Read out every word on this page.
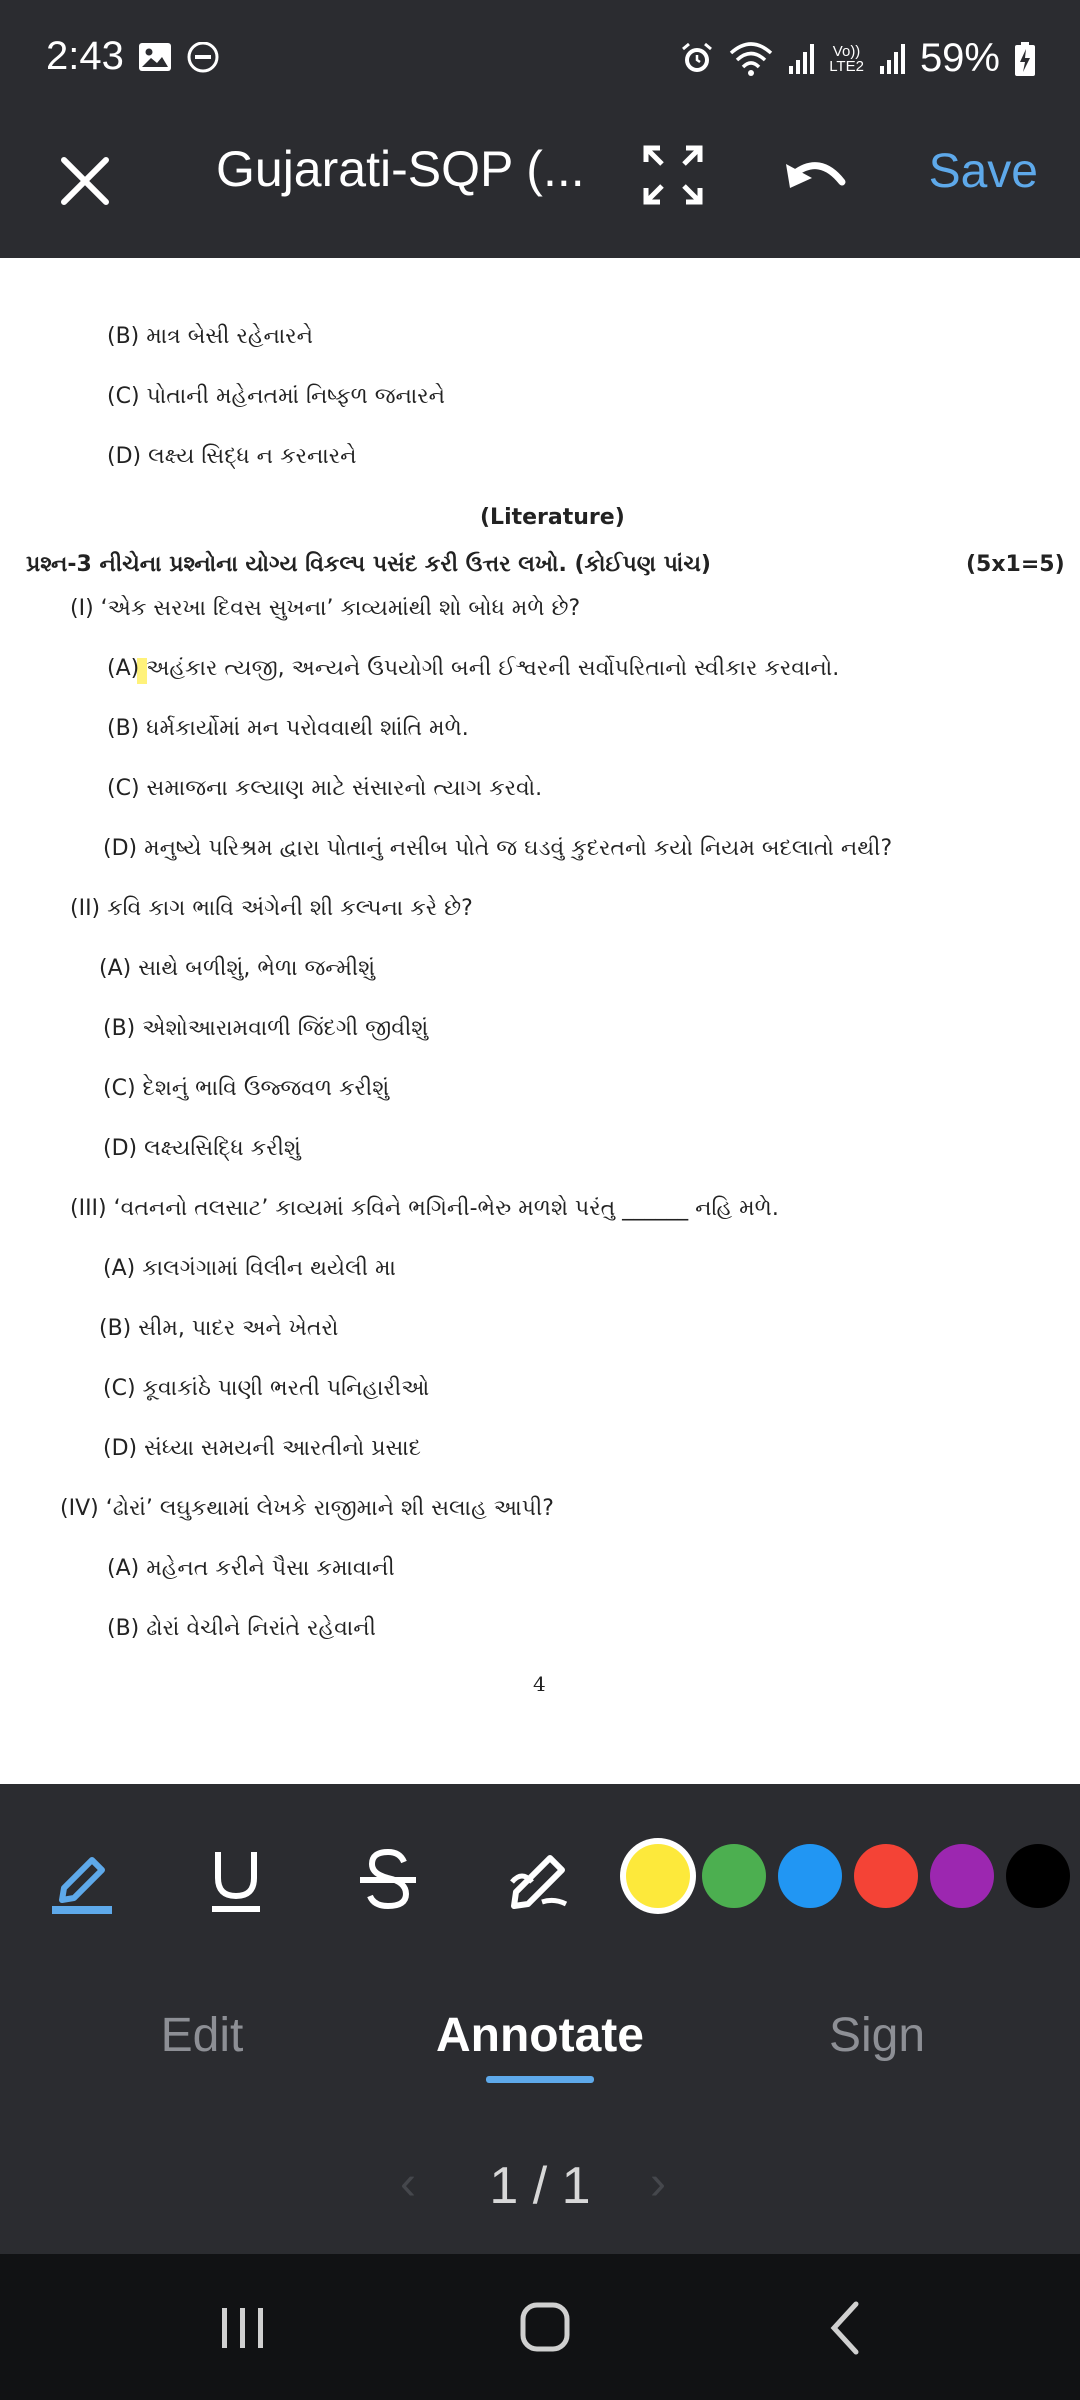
2:43	Vo))
LTE2 59%
Gujarati-SQP (...	Save
(B) માત્ર બેસી રહેનારને
(C) પોતાની મહેનતમાં નિષ્ફળ જનારને
(D) લક્ષ્ય સિદ્ધ ન કરનારને
(Literature)
પ્રશ્ન-3 નીચેના પ્રશ્નોના યોગ્ય વિકલ્પ પસંદ કરી ઉત્તર લખો. (કોઈપણ પાંચ)	(5x1=5)
(I) ‘એક સરખા દિવસ સુખના’ કાવ્યમાંથી શો બોધ મળે છે?
(A) અહંકાર ત્યજી, અન્યને ઉપયોગી બની ઈશ્વરની સર્વોપરિતાનો સ્વીકાર કરવાનો.
(B) ધર્મકાર્યોમાં મન પરોવવાથી શાંતિ મળે.
(C) સમાજના કલ્યાણ માટે સંસારનો ત્યાગ કરવો.
(D) મનુષ્યે પરિશ્રમ દ્વારા પોતાનું નસીબ પોતે જ ઘડવું કુદરતનો કયો નિયમ બદલાતો નથી?
(II) કવિ કાગ ભાવિ અંગેની શી કલ્પના કરે છે?
(A) સાથે બળીશું, ભેળા જન્મીશું
(B) એશોઆરામવાળી જિંદગી જીવીશું
(C) દેશનું ભાવિ ઉજ્જવળ કરીશું
(D) લક્ષ્યસિદ્ધિ કરીશું
(III) ‘વતનનો તલસાટ’ કાવ્યમાં કવિને ભગિની-ભેરુ મળશે પરંતુ ______ નહિ મળે.
(A) કાલગંગામાં વિલીન થયેલી મા
(B) સીમ, પાદર અને ખેતરો
(C) કૂવાકાંઠે પાણી ભરતી પનિહારીઓ
(D) સંધ્યા સમયની આરતીનો પ્રસાદ
(IV) ‘ઢોરાં’ લઘુકથામાં લેખકે રાજીમાને શી સલાહ આપી?
(A) મહેનત કરીને પૈસા કમાવાની
(B) ઢોરાં વેચીને નિરાંતે રહેવાની
4
Edit	Annotate	Sign
‹	1 / 1	›
